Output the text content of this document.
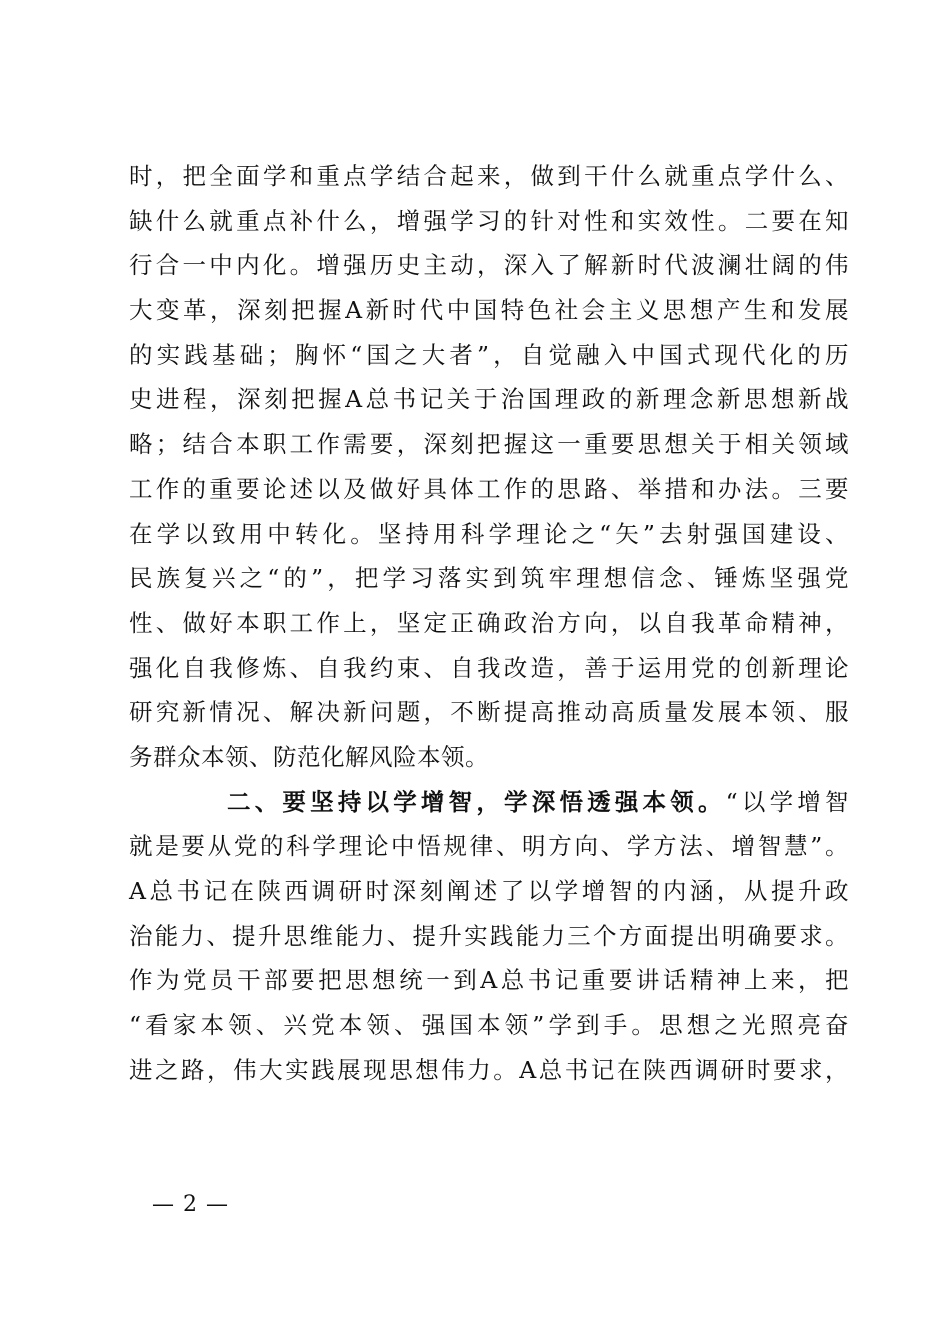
时，把全面学和重点学结合起来，做到干什么就重点学什么、
缺什么就重点补什么，增强学习的针对性和实效性。二要在知
行合一中内化。增强历史主动，深入了解新时代波澜壮阔的伟
大变革，深刻把握A新时代中国特色社会主义思想产生和发展
的实践基础；胸怀“国之大者”，自觉融入中国式现代化的历
史进程，深刻把握A总书记关于治国理政的新理念新思想新战
略；结合本职工作需要，深刻把握这一重要思想关于相关领域
工作的重要论述以及做好具体工作的思路、举措和办法。三要
在学以致用中转化。坚持用科学理论之“矢”去射强国建设、
民族复兴之“的”，把学习落实到筑牢理想信念、锤炼坚强党
性、做好本职工作上，坚定正确政治方向，以自我革命精神，
强化自我修炼、自我约束、自我改造，善于运用党的创新理论
研究新情况、解决新问题，不断提高推动高质量发展本领、服
务群众本领、防范化解风险本领。
二、要坚持以学增智，学深悟透强本领。“以学增智
就是要从党的科学理论中悟规律、明方向、学方法、增智慧”。
A总书记在陕西调研时深刻阐述了以学增智的内涵，从提升政
治能力、提升思维能力、提升实践能力三个方面提出明确要求。
作为党员干部要把思想统一到A总书记重要讲话精神上来，把
“看家本领、兴党本领、强国本领”学到手。思想之光照亮奋
进之路，伟大实践展现思想伟力。A总书记在陕西调研时要求，
— 2 —
